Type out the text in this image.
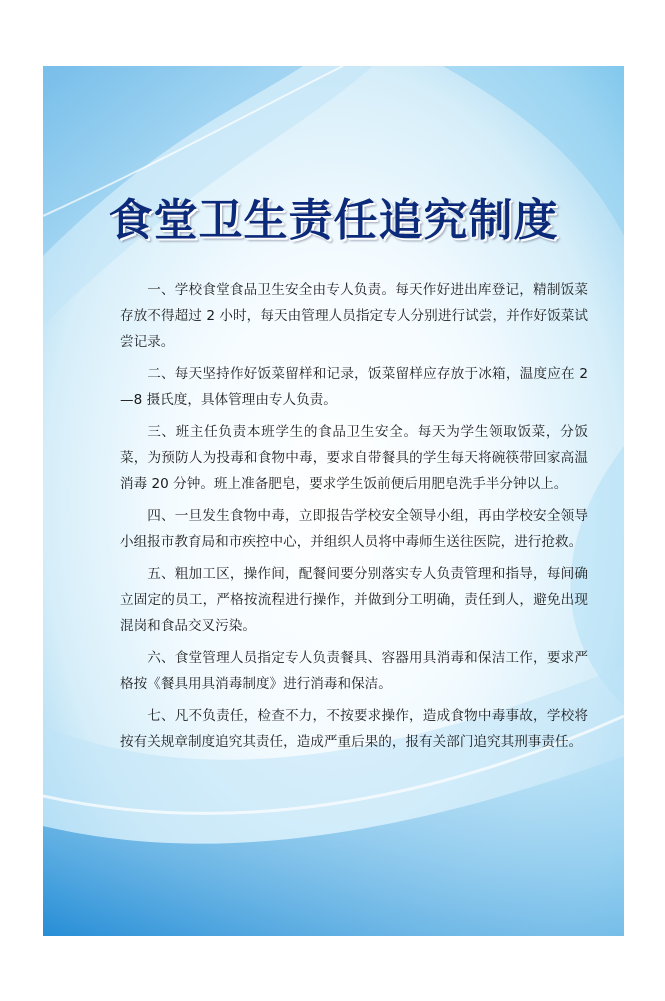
食堂卫生责任追究制度

一、学校食堂食品卫生安全由专人负责。每天作好进出库登记，精制饭菜存放不得超过 2 小时，每天由管理人员指定专人分别进行试尝，并作好饭菜试尝记录。

二、每天坚持作好饭菜留样和记录，饭菜留样应存放于冰箱，温度应在 2—8 摄氏度，具体管理由专人负责。

三、班主任负责本班学生的食品卫生安全。每天为学生领取饭菜，分饭菜，为预防人为投毒和食物中毒，要求自带餐具的学生每天将碗筷带回家高温消毒 20 分钟。班上准备肥皂，要求学生饭前便后用肥皂洗手半分钟以上。

四、一旦发生食物中毒，立即报告学校安全领导小组，再由学校安全领导小组报市教育局和市疾控中心，并组织人员将中毒师生送往医院，进行抢救。

五、粗加工区，操作间，配餐间要分别落实专人负责管理和指导，每间确立固定的员工，严格按流程进行操作，并做到分工明确，责任到人，避免出现混岗和食品交叉污染。

六、食堂管理人员指定专人负责餐具、容器用具消毒和保洁工作，要求严格按《餐具用具消毒制度》进行消毒和保洁。

七、凡不负责任，检查不力，不按要求操作，造成食物中毒事故，学校将按有关规章制度追究其责任，造成严重后果的，报有关部门追究其刑事责任。
